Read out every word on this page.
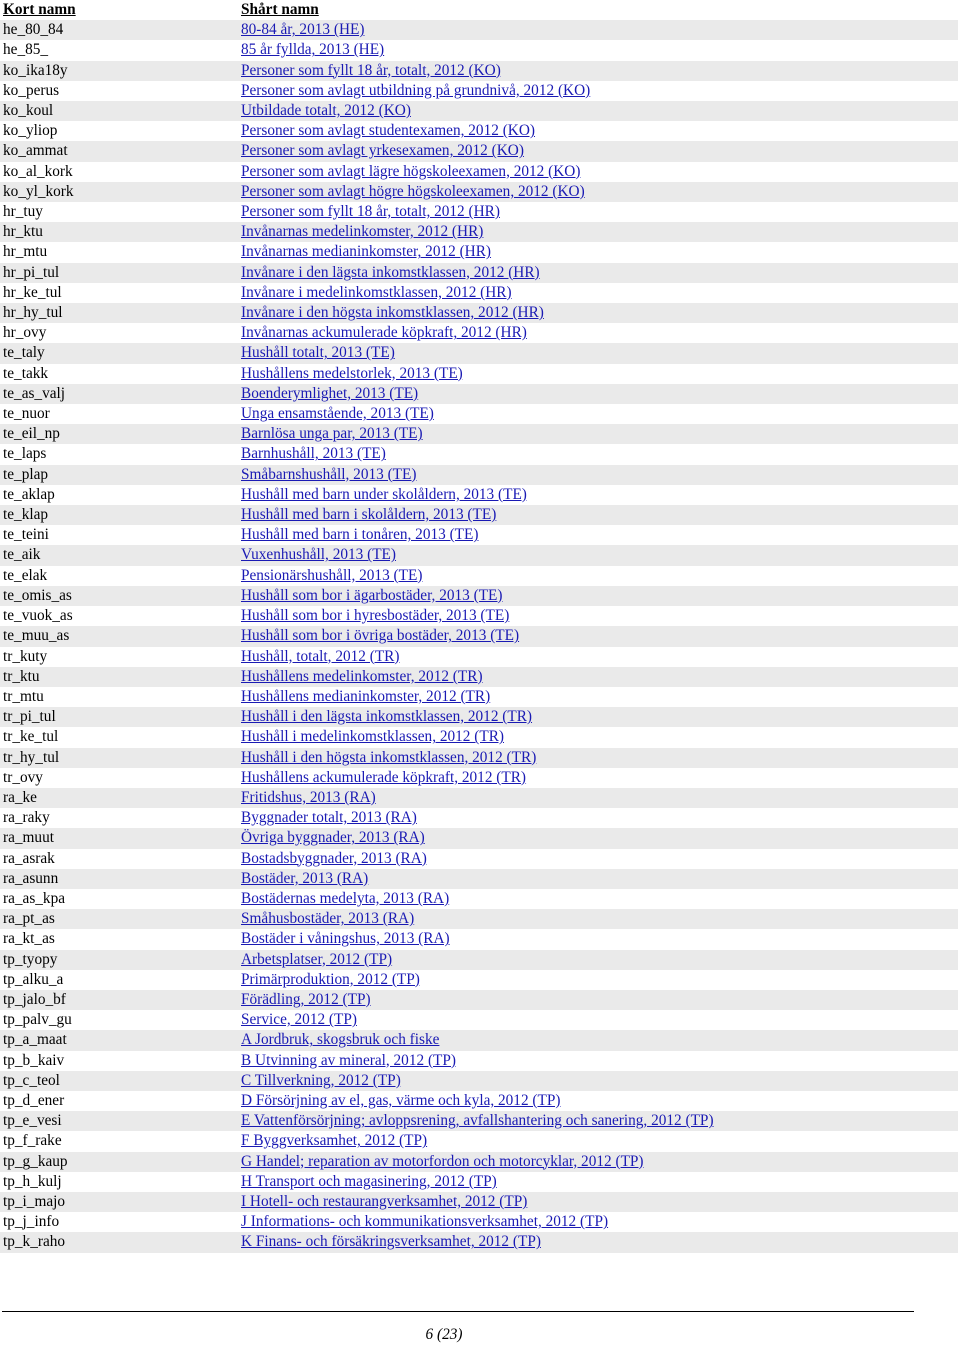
Kort namn	Shårt namn
he_80_84	80-84 år, 2013 (HE)
he_85_	85 år fyllda, 2013 (HE)
ko_ika18y	Personer som fyllt 18 år, totalt, 2012 (KO)
ko_perus	Personer som avlagt utbildning på grundnivå, 2012 (KO)
ko_koul	Utbildade totalt, 2012 (KO)
ko_yliop	Personer som avlagt studentexamen, 2012 (KO)
ko_ammat	Personer som avlagt yrkesexamen, 2012 (KO)
ko_al_kork	Personer som avlagt lägre högskoleexamen, 2012 (KO)
ko_yl_kork	Personer som avlagt högre högskoleexamen, 2012 (KO)
hr_tuy	Personer som fyllt 18 år, totalt, 2012 (HR)
hr_ktu	Invånarnas medelinkomster, 2012 (HR)
hr_mtu	Invånarnas medianinkomster, 2012 (HR)
hr_pi_tul	Invånare i den lägsta inkomstklassen, 2012 (HR)
hr_ke_tul	Invånare i medelinkomstklassen, 2012 (HR)
hr_hy_tul	Invånare i den högsta inkomstklassen, 2012 (HR)
hr_ovy	Invånarnas ackumulerade köpkraft, 2012 (HR)
te_taly	Hushåll totalt, 2013 (TE)
te_takk	Hushållens medelstorlek, 2013 (TE)
te_as_valj	Boenderymlighet, 2013 (TE)
te_nuor	Unga ensamstående, 2013 (TE)
te_eil_np	Barnlösa unga par, 2013 (TE)
te_laps	Barnhushåll, 2013 (TE)
te_plap	Småbarnshushåll, 2013 (TE)
te_aklap	Hushåll med barn under skolåldern, 2013 (TE)
te_klap	Hushåll med barn i skolåldern, 2013 (TE)
te_teini	Hushåll med barn i tonåren, 2013 (TE)
te_aik	Vuxenhushåll, 2013 (TE)
te_elak	Pensionärshushåll, 2013 (TE)
te_omis_as	Hushåll som bor i ägarbostäder, 2013 (TE)
te_vuok_as	Hushåll som bor i hyresbostäder, 2013 (TE)
te_muu_as	Hushåll som bor i övriga bostäder, 2013 (TE)
tr_kuty	Hushåll, totalt, 2012 (TR)
tr_ktu	Hushållens medelinkomster, 2012 (TR)
tr_mtu	Hushållens medianinkomster, 2012 (TR)
tr_pi_tul	Hushåll i den lägsta inkomstklassen, 2012 (TR)
tr_ke_tul	Hushåll i medelinkomstklassen, 2012 (TR)
tr_hy_tul	Hushåll i den högsta inkomstklassen, 2012 (TR)
tr_ovy	Hushållens ackumulerade köpkraft, 2012 (TR)
ra_ke	Fritidshus, 2013 (RA)
ra_raky	Byggnader totalt, 2013 (RA)
ra_muut	Övriga byggnader, 2013 (RA)
ra_asrak	Bostadsbyggnader, 2013 (RA)
ra_asunn	Bostäder, 2013 (RA)
ra_as_kpa	Bostädernas medelyta, 2013 (RA)
ra_pt_as	Småhusbostäder, 2013 (RA)
ra_kt_as	Bostäder i våningshus, 2013 (RA)
tp_tyopy	Arbetsplatser, 2012 (TP)
tp_alku_a	Primärproduktion, 2012 (TP)
tp_jalo_bf	Förädling, 2012 (TP)
tp_palv_gu	Service, 2012 (TP)
tp_a_maat	A Jordbruk, skogsbruk och fiske
tp_b_kaiv	B Utvinning av mineral, 2012 (TP)
tp_c_teol	C Tillverkning, 2012 (TP)
tp_d_ener	D Försörjning av el, gas, värme och kyla, 2012 (TP)
tp_e_vesi	E Vattenförsörjning; avloppsrening, avfallshantering och sanering, 2012 (TP)
tp_f_rake	F Byggverksamhet, 2012 (TP)
tp_g_kaup	G Handel; reparation av motorfordon och motorcyklar, 2012 (TP)
tp_h_kulj	H Transport och magasinering, 2012 (TP)
tp_i_majo	I Hotell- och restaurangverksamhet, 2012 (TP)
tp_j_info	J Informations- och kommunikationsverksamhet, 2012 (TP)
tp_k_raho	K Finans- och försäkringsverksamhet, 2012 (TP)
6 (23)
